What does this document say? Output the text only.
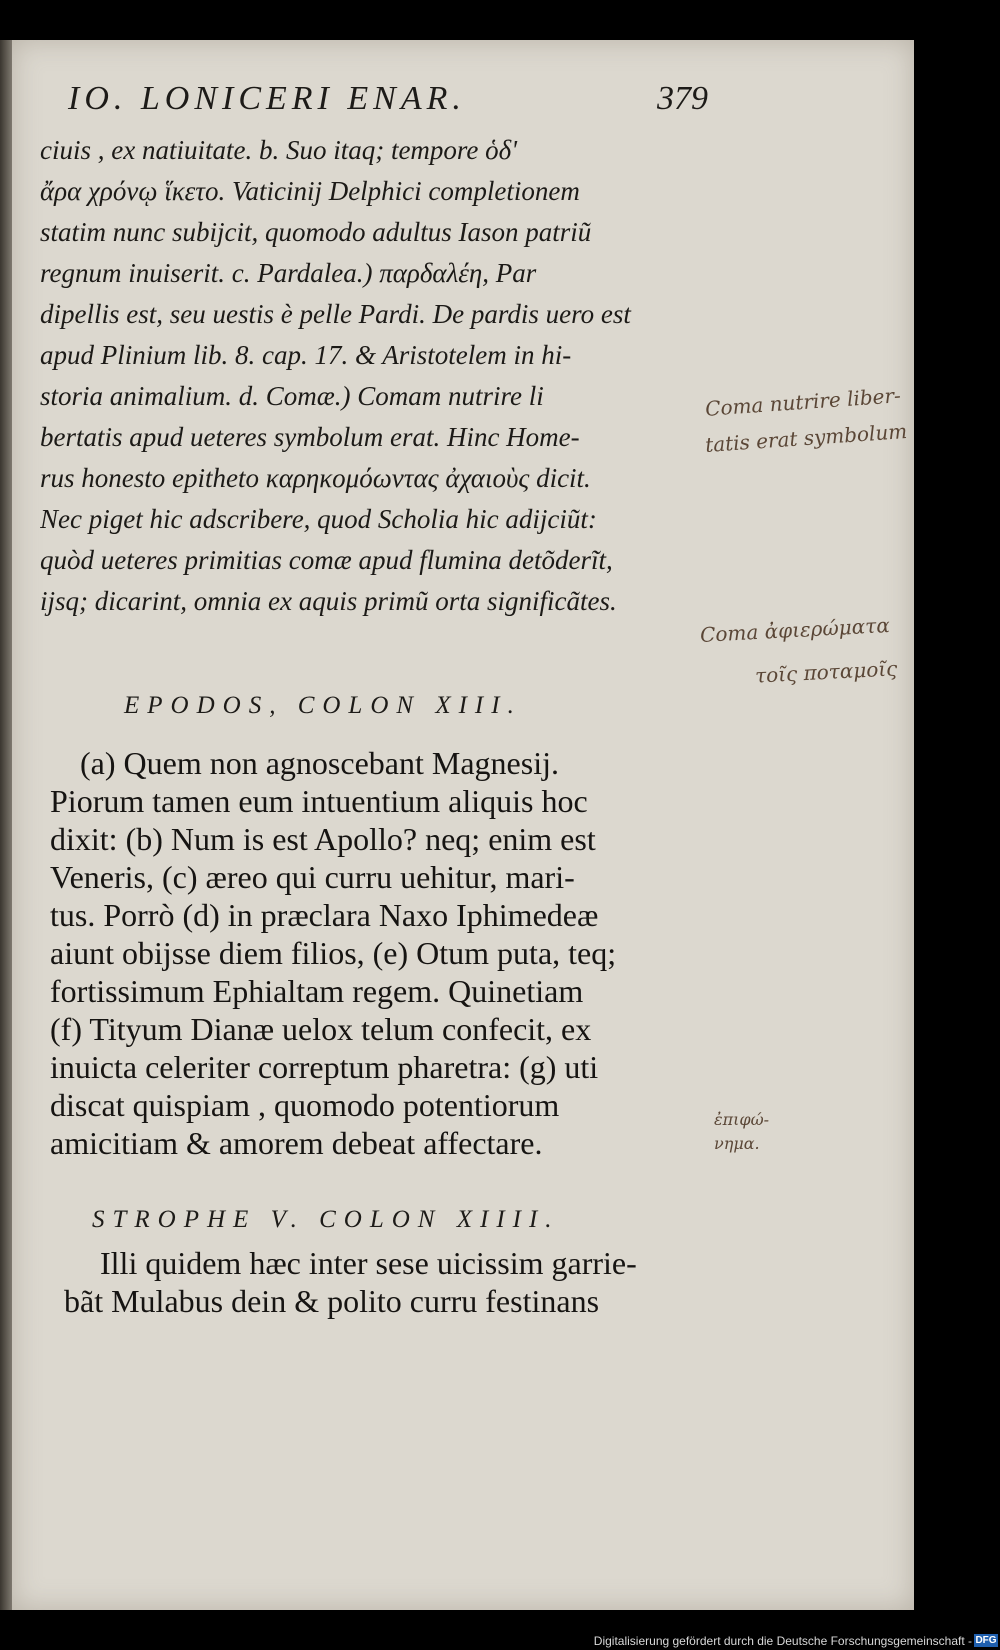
IO. LONICERI ENAR.	379
ciuis , ex natiuitate. b. Suo itaq; tempore ὁδ'
ἄρα χρόνῳ ἵκετο. Vaticinij Delphici completionem
statim nunc subijcit, quomodo adultus Iason patriũ
regnum inuiserit. c. Pardalea.) παρδαλέη, Par
dipellis est, seu uestis è pelle Pardi. De pardis uero est
apud Plinium lib. 8. cap. 17. & Aristotelem in hi-
storia animalium. d. Comæ.) Comam nutrire li
bertatis apud ueteres symbolum erat. Hinc Home-
rus honesto epitheto καρηκομόωντας ἀχαιοὺς dicit.
Nec piget hic adscribere, quod Scholia hic adijciũt:
quòd ueteres primitias comæ apud flumina detõderĩt,
ijsq; dicarint, omnia ex aquis primũ orta significãtes.
Coma nutrire liber-
tatis erat symbolum
Coma ἀφιερώματα
τοῖς ποταμοῖς
ἐπιφώ-
νημα.
EPODOS, COLON XIII.
(a) Quem non agnoscebant Magnesij.
Piorum tamen eum intuentium aliquis hoc
dixit: (b) Num is est Apollo? neq; enim est
Veneris, (c) æreo qui curru uehitur, mari-
tus. Porrò (d) in præclara Naxo Iphimedeæ
aiunt obijsse diem filios, (e) Otum puta, teq;
fortissimum Ephialtam regem. Quinetiam
(f) Tityum Dianæ uelox telum confecit, ex
inuicta celeriter correptum pharetra: (g) uti
discat quispiam , quomodo potentiorum
amicitiam & amorem debeat affectare.
STROPHE V. COLON XIIII.
Illi quidem hæc inter sese uicissim garrie-
bãt Mulabus dein & polito curru festinans
Digitalisierung gefördert durch die Deutsche Forschungsgemeinschaft - DFG
